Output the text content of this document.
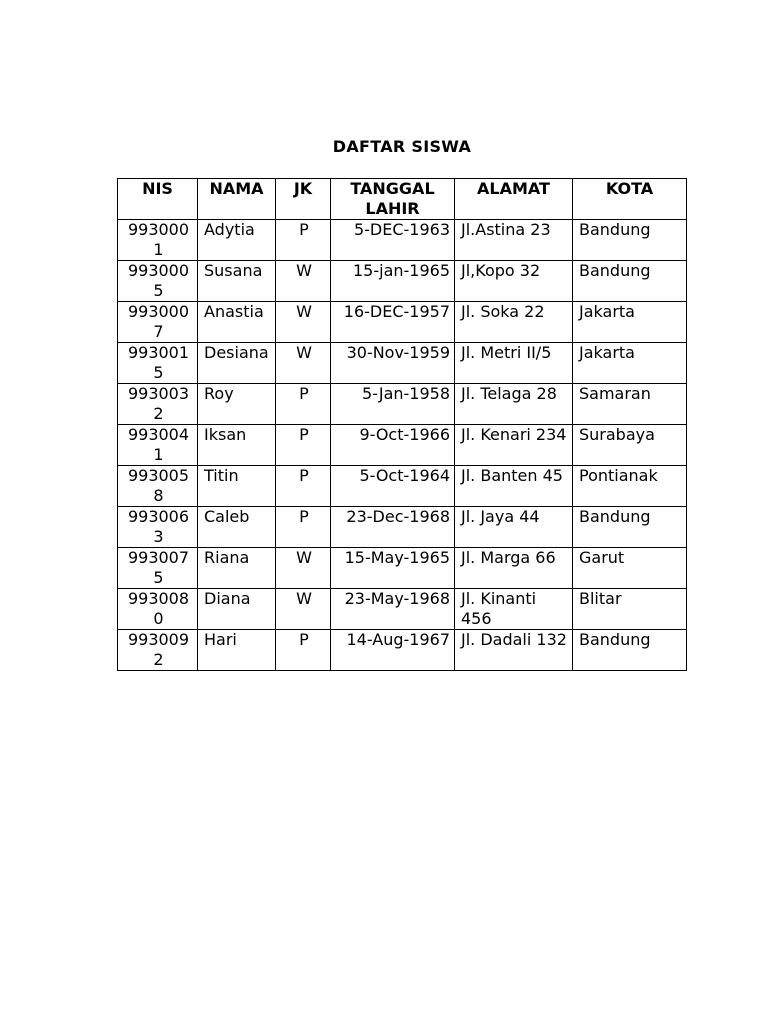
DAFTAR SISWA
NIS	NAMA	JK	TANGGAL LAHIR	ALAMAT	KOTA
9930001	Adytia	P	5-DEC-1963	Jl.Astina 23	Bandung
9930005	Susana	W	15-jan-1965	Jl,Kopo 32	Bandung
9930007	Anastia	W	16-DEC-1957	Jl. Soka 22	Jakarta
9930015	Desiana	W	30-Nov-1959	Jl. Metri II/5	Jakarta
9930032	Roy	P	5-Jan-1958	Jl. Telaga 28	Samaran
9930041	Iksan	P	9-Oct-1966	Jl. Kenari 234	Surabaya
9930058	Titin	P	5-Oct-1964	Jl. Banten 45	Pontianak
9930063	Caleb	P	23-Dec-1968	Jl. Jaya 44	Bandung
9930075	Riana	W	15-May-1965	Jl. Marga 66	Garut
9930080	Diana	W	23-May-1968	Jl. Kinanti 456	Blitar
9930092	Hari	P	14-Aug-1967	Jl. Dadali 132	Bandung
